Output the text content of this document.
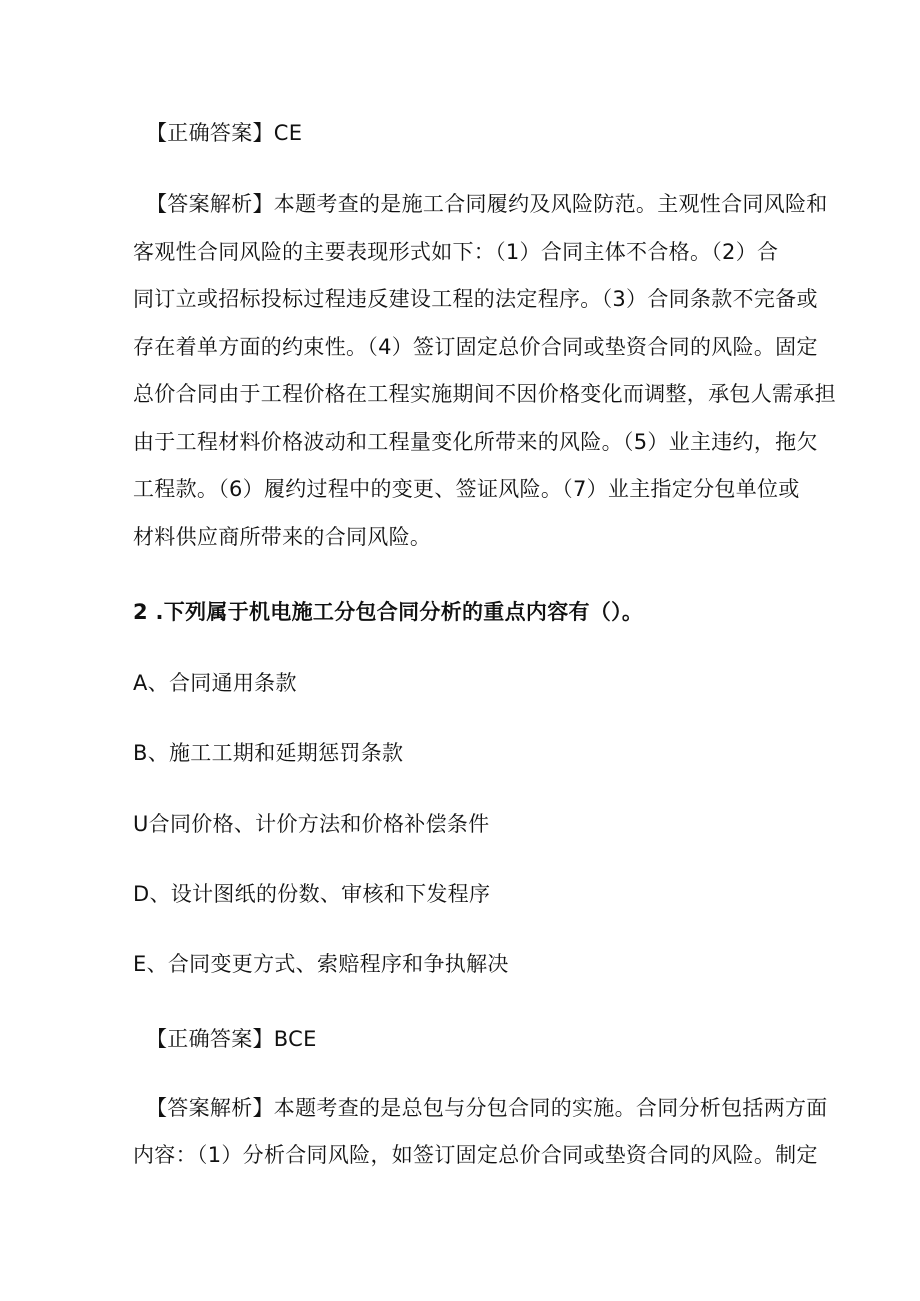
【正确答案】CE
【答案解析】本题考查的是施工合同履约及风险防范。主观性合同风险和
客观性合同风险的主要表现形式如下：（1）合同主体不合格。（2）合
同订立或招标投标过程违反建设工程的法定程序。（3）合同条款不完备或
存在着单方面的约束性。（4）签订固定总价合同或垫资合同的风险。固定
总价合同由于工程价格在工程实施期间不因价格变化而调整，承包人需承担
由于工程材料价格波动和工程量变化所带来的风险。（5）业主违约，拖欠
工程款。（6）履约过程中的变更、签证风险。（7）业主指定分包单位或
材料供应商所带来的合同风险。
2 .下列属于机电施工分包合同分析的重点内容有（）。
A、合同通用条款
B、施工工期和延期惩罚条款
U合同价格、计价方法和价格补偿条件
D、设计图纸的份数、审核和下发程序
E、合同变更方式、索赔程序和争执解决
【正确答案】BCE
【答案解析】本题考查的是总包与分包合同的实施。合同分析包括两方面
内容：（1）分析合同风险，如签订固定总价合同或垫资合同的风险。制定
